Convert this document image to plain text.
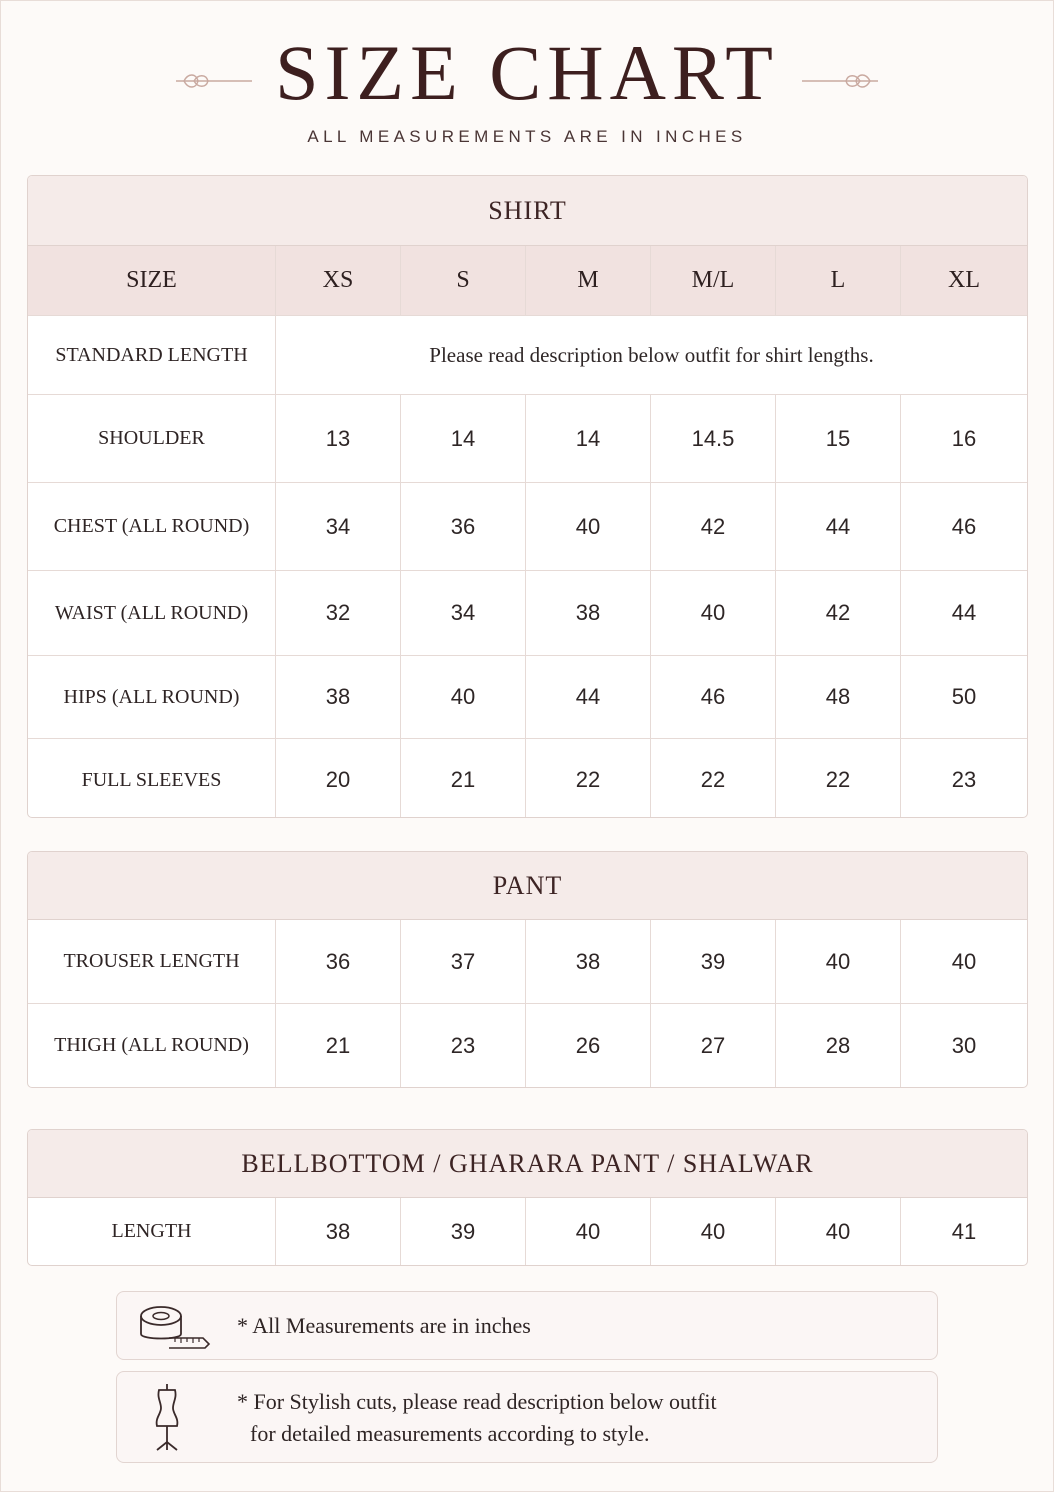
SIZE CHART
ALL MEASUREMENTS ARE IN INCHES
SHIRT
SIZE	XS	S	M	M/L	L	XL
STANDARD LENGTH	Please read description below outfit for shirt lengths.
SHOULDER	13	14	14	14.5	15	16
CHEST (ALL ROUND)	34	36	40	42	44	46
WAIST (ALL ROUND)	32	34	38	40	42	44
HIPS (ALL ROUND)	38	40	44	46	48	50
FULL SLEEVES	20	21	22	22	22	23
PANT
TROUSER LENGTH	36	37	38	39	40	40
THIGH (ALL ROUND)	21	23	26	27	28	30
BELLBOTTOM / GHARARA PANT / SHALWAR
LENGTH	38	39	40	40	40	41
* All Measurements are in inches
* For Stylish cuts, please read description below outfit
for detailed measurements according to style.
